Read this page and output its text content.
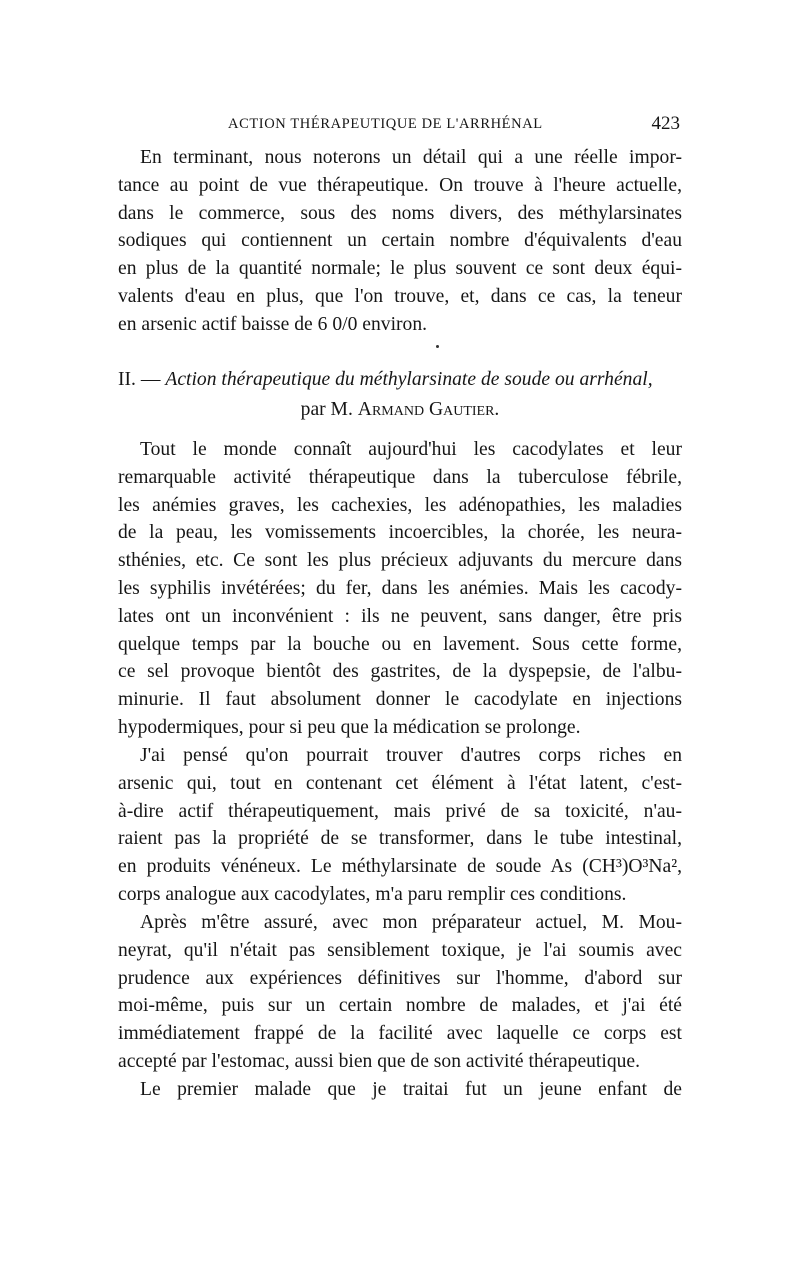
ACTION THÉRAPEUTIQUE DE L'ARRHÉNAL	423
En terminant, nous noterons un détail qui a une réelle impor-
tance au point de vue thérapeutique. On trouve à l'heure actuelle,
dans le commerce, sous des noms divers, des méthylarsinates
sodiques qui contiennent un certain nombre d'équivalents d'eau
en plus de la quantité normale; le plus souvent ce sont deux équi-
valents d'eau en plus, que l'on trouve, et, dans ce cas, la teneur
en arsenic actif baisse de 6 0/0 environ.
II. — Action thérapeutique du méthylarsinate de soude ou arrhénal,
par M. Armand Gautier.
Tout le monde connaît aujourd'hui les cacodylates et leur
remarquable activité thérapeutique dans la tuberculose fébrile,
les anémies graves, les cachexies, les adénopathies, les maladies
de la peau, les vomissements incoercibles, la chorée, les neura-
sthénies, etc. Ce sont les plus précieux adjuvants du mercure dans
les syphilis invétérées; du fer, dans les anémies. Mais les cacody-
lates ont un inconvénient : ils ne peuvent, sans danger, être pris
quelque temps par la bouche ou en lavement. Sous cette forme,
ce sel provoque bientôt des gastrites, de la dyspepsie, de l'albu-
minurie. Il faut absolument donner le cacodylate en injections
hypodermiques, pour si peu que la médication se prolonge.
J'ai pensé qu'on pourrait trouver d'autres corps riches en
arsenic qui, tout en contenant cet élément à l'état latent, c'est-
à-dire actif thérapeutiquement, mais privé de sa toxicité, n'au-
raient pas la propriété de se transformer, dans le tube intestinal,
en produits vénéneux. Le méthylarsinate de soude As (CH³)O³Na²,
corps analogue aux cacodylates, m'a paru remplir ces conditions.
Après m'être assuré, avec mon préparateur actuel, M. Mou-
neyrat, qu'il n'était pas sensiblement toxique, je l'ai soumis avec
prudence aux expériences définitives sur l'homme, d'abord sur
moi-même, puis sur un certain nombre de malades, et j'ai été
immédiatement frappé de la facilité avec laquelle ce corps est
accepté par l'estomac, aussi bien que de son activité thérapeutique.
Le premier malade que je traitai fut un jeune enfant de
